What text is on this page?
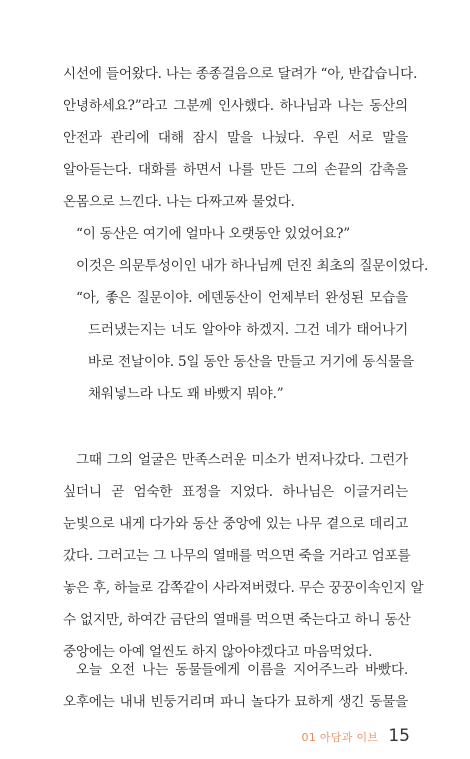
시선에 들어왔다. 나는 종종걸음으로 달려가 “아, 반갑습니다.
안녕하세요?”라고 그분께 인사했다. 하나님과 나는 동산의
안전과 관리에 대해 잠시 말을 나눴다. 우린 서로 말을
알아듣는다. 대화를 하면서 나를 만든 그의 손끝의 감촉을
온몸으로 느낀다. 나는 다짜고짜 물었다.
“이 동산은 여기에 얼마나 오랫동안 있었어요?”
이것은 의문투성이인 내가 하나님께 던진 최초의 질문이었다.
“아, 좋은 질문이야. 에덴동산이 언제부터 완성된 모습을
드러냈는지는 너도 알아야 하겠지. 그건 네가 태어나기
바로 전날이야. 5일 동안 동산을 만들고 거기에 동식물을
채워넣느라 나도 꽤 바빴지 뭐야.”
그때 그의 얼굴은 만족스러운 미소가 번져나갔다. 그런가
싶더니 곧 엄숙한 표정을 지었다. 하나님은 이글거리는
눈빛으로 내게 다가와 동산 중앙에 있는 나무 곁으로 데리고
갔다. 그러고는 그 나무의 열매를 먹으면 죽을 거라고 엄포를
놓은 후, 하늘로 감쪽같이 사라져버렸다. 무슨 꿍꿍이속인지 알
수 없지만, 하여간 금단의 열매를 먹으면 죽는다고 하니 동산
중앙에는 아예 얼씬도 하지 않아야겠다고 마음먹었다.
01 아담과 이브 15
오늘 오전 나는 동물들에게 이름을 지어주느라 바빴다.
오후에는 내내 빈둥거리며 파니 놀다가 묘하게 생긴 동물을
